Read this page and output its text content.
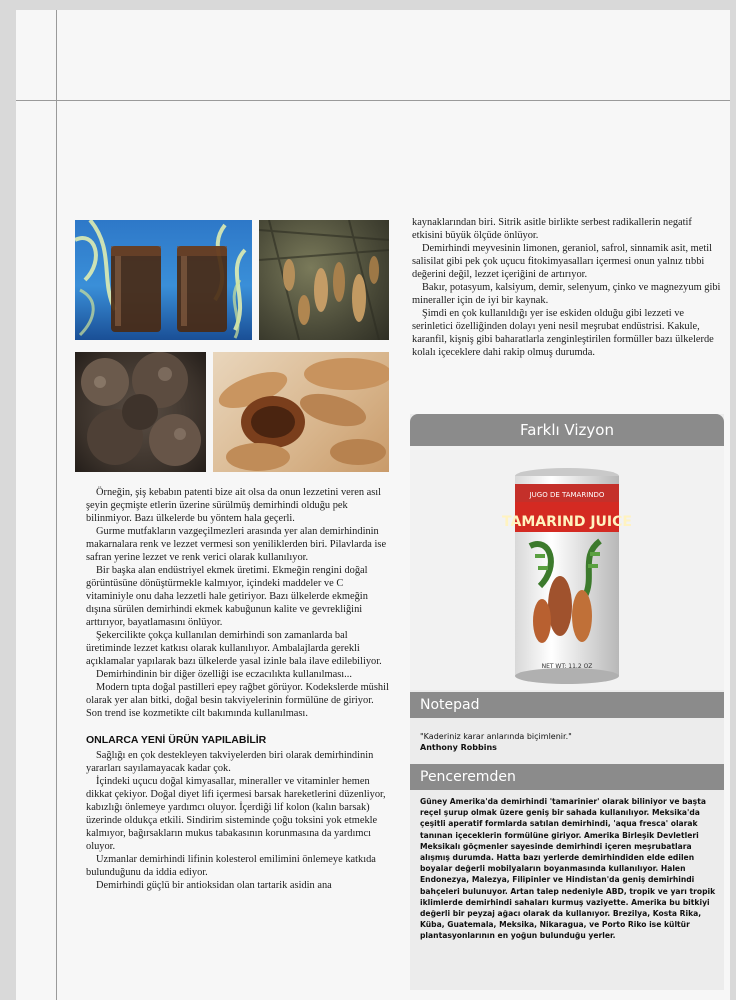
Örneğin, şiş kebabın patenti bize ait olsa da onun lezzetini veren asıl şeyin geçmişte etlerin üzerine sürülmüş demirhindi olduğu pek bilinmiyor. Bazı ülkelerde bu yöntem hala geçerli.

Gurme mutfakların vazgeçilmezleri arasında yer alan demirhindinin makarnalara renk ve lezzet vermesi son yeniliklerden biri. Pilavlarda ise safran yerine lezzet ve renk verici olarak kullanılıyor.

Bir başka alan endüstriyel ekmek üretimi. Ekmeğin rengini doğal görüntüsüne dönüştürmekle kalmıyor, içindeki maddeler ve C vitaminiyle onu daha lezzetli hale getiriyor. Bazı ülkelerde ekmeğin dışına sürülen demirhindi ekmek kabuğunun kalite ve gevrekliğini arttırıyor, bayatlamasını önlüyor.

Şekercilikte çokça kullanılan demirhindi son zamanlarda bal üretiminde lezzet katkısı olarak kullanılıyor. Ambalajlarda gerekli açıklamalar yapılarak bazı ülkelerde yasal izinle bala ilave edilebiliyor.

Demirhindinin bir diğer özelliği ise eczacılıkta kullanılması...

Modern tıpta doğal pastilleri epey rağbet görüyor. Kodekslerde müshil olarak yer alan bitki, doğal besin takviyelerinin formülüne de giriyor. Son trend ise kozmetikte cilt bakımında kullanılması.

ONLARCA YENİ ÜRÜN YAPILABİLİR

Sağlığı en çok destekleyen takviyelerden biri olarak demirhindinin yararları sayılamayacak kadar çok.

İçindeki uçucu doğal kimyasallar, mineraller ve vitaminler hemen dikkat çekiyor. Doğal diyet lifi içermesi barsak hareketlerini düzenliyor, kabızlığı önlemeye yardımcı oluyor. İçerdiği lif kolon (kalın barsak) üzerinde oldukça etkili. Sindirim sisteminde çoğu toksini yok etmekle kalmıyor, bağırsakların mukus tabakasının korunmasına da yardımcı oluyor.

Uzmanlar demirhindi lifinin kolesterol emilimini önlemeye katkıda bulunduğunu da iddia ediyor.

Demirhindi güçlü bir antioksidan olan tartarik asidin ana

kaynaklarından biri. Sitrik asitle birlikte serbest radikallerin negatif etkisini büyük ölçüde önlüyor.

Demirhindi meyvesinin limonen, geraniol, safrol, sinnamik asit, metil salisilat gibi pek çok uçucu fitokimyasalları içermesi onun yalnız tıbbi değerini değil, lezzet içeriğini de artırıyor.

Bakır, potasyum, kalsiyum, demir, selenyum, çinko ve magnezyum gibi mineraller için de iyi bir kaynak.

Şimdi en çok kullanıldığı yer ise eskiden olduğu gibi lezzeti ve serinletici özelliğinden dolayı yeni nesil meşrubat endüstrisi. Kakule, karanfil, kişniş gibi baharatlarla zenginleştirilen formüller bazı ülkelerde kolalı içeceklere dahi rakip olmuş durumda.

Farklı Vizyon
TAMARIND JUICE
JUGO DE TAMARINDO
NET WT: 11.2 OZ
Notepad
"Kaderiniz karar anlarında biçimlenir."
Anthony Robbins
Penceremden

Güney Amerika'da demirhindi 'tamarinier' olarak biliniyor ve başta reçel şurup olmak üzere geniş bir sahada kullanılıyor. Meksika'da çeşitli aperatif formlarda satılan demirhindi, 'aqua fresca' olarak tanınan içeceklerin formülüne giriyor. Amerika Birleşik Devletleri Meksikalı göçmenler sayesinde demirhindi içeren meşrubatlara alışmış durumda. Hatta bazı yerlerde demirhindiden elde edilen boyalar değerli mobilyaların boyanmasında kullanılıyor. Halen Endonezya, Malezya, Filipinler ve Hindistan'da geniş demirhindi bahçeleri bulunuyor. Artan talep nedeniyle ABD, tropik ve yarı tropik iklimlerde demirhindi sahaları kurmuş vaziyette. Amerika bu bitkiyi değerli bir peyzaj ağacı olarak da kullanıyor. Brezilya, Kosta Rika, Küba, Guatemala, Meksika, Nikaragua, ve Porto Riko ise kültür plantasyonlarının en yoğun bulunduğu yerler.
